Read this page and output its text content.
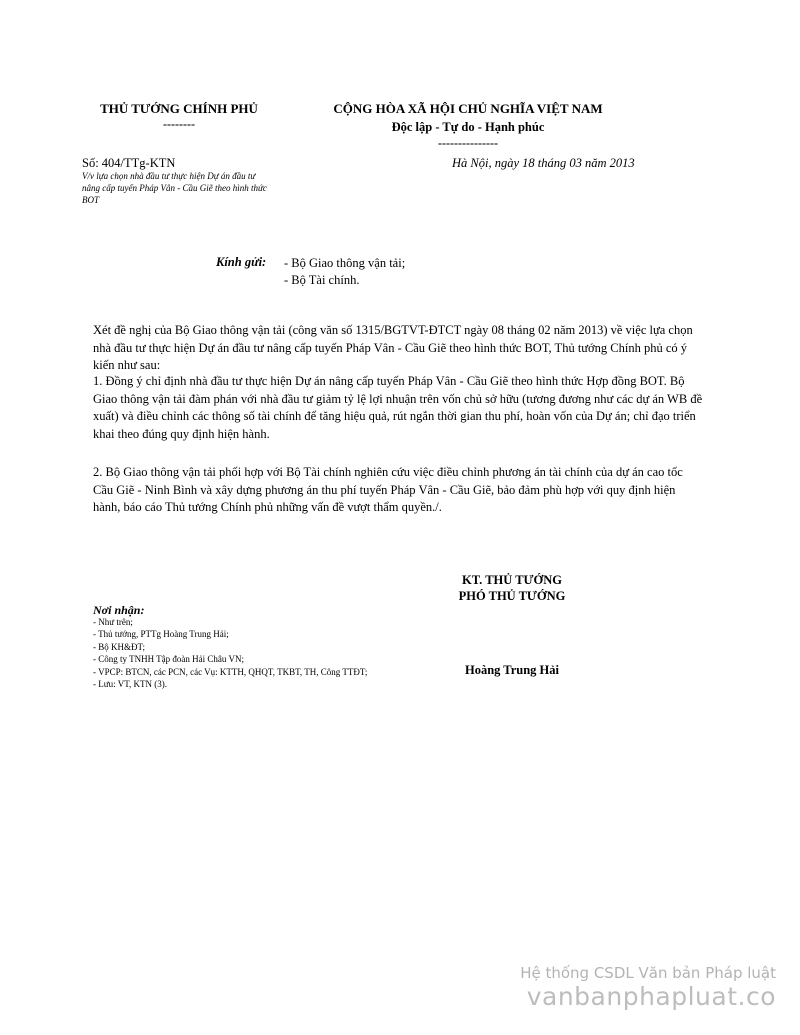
THỦ TƯỚNG CHÍNH PHỦ
--------
CỘNG HÒA XÃ HỘI CHỦ NGHĨA VIỆT NAM
Độc lập - Tự do - Hạnh phúc
---------------
Số: 404/TTg-KTN
V/v lựa chọn nhà đầu tư thực hiện Dự án đầu tư nâng cấp tuyến Pháp Vân - Cầu Giẽ theo hình thức BOT
Hà Nội, ngày 18 tháng 03 năm 2013
Kính gửi: - Bộ Giao thông vận tải;
- Bộ Tài chính.
Xét đề nghị của Bộ Giao thông vận tải (công văn số 1315/BGTVT-ĐTCT ngày 08 tháng 02 năm 2013) về việc lựa chọn nhà đầu tư thực hiện Dự án đầu tư nâng cấp tuyến Pháp Vân - Cầu Giẽ theo hình thức BOT, Thủ tướng Chính phủ có ý kiến như sau:
1. Đồng ý chỉ định nhà đầu tư thực hiện Dự án nâng cấp tuyến Pháp Vân - Cầu Giẽ theo hình thức Hợp đồng BOT. Bộ Giao thông vận tải đàm phán với nhà đầu tư giảm tỷ lệ lợi nhuận trên vốn chủ sở hữu (tương đương như các dự án WB đề xuất) và điều chỉnh các thông số tài chính để tăng hiệu quả, rút ngắn thời gian thu phí, hoàn vốn của Dự án; chỉ đạo triển khai theo đúng quy định hiện hành.
2. Bộ Giao thông vận tải phối hợp với Bộ Tài chính nghiên cứu việc điều chỉnh phương án tài chính của dự án cao tốc Cầu Giẽ - Ninh Bình và xây dựng phương án thu phí tuyến Pháp Vân - Cầu Giẽ, bảo đảm phù hợp với quy định hiện hành, báo cáo Thủ tướng Chính phủ những vấn đề vượt thẩm quyền./.
KT. THỦ TƯỚNG
PHÓ THỦ TƯỚNG
Hoàng Trung Hải
Nơi nhận:
- Như trên;
- Thủ tướng, PTTg Hoàng Trung Hải;
- Bộ KH&ĐT;
- Công ty TNHH Tập đoàn Hải Châu VN;
- VPCP: BTCN, các PCN, các Vụ: KTTH, QHQT, TKBT, TH, Công TTĐT;
- Lưu: VT, KTN (3).
Hệ thống CSDL Văn bản Pháp luật
vanbanphapluat.co
